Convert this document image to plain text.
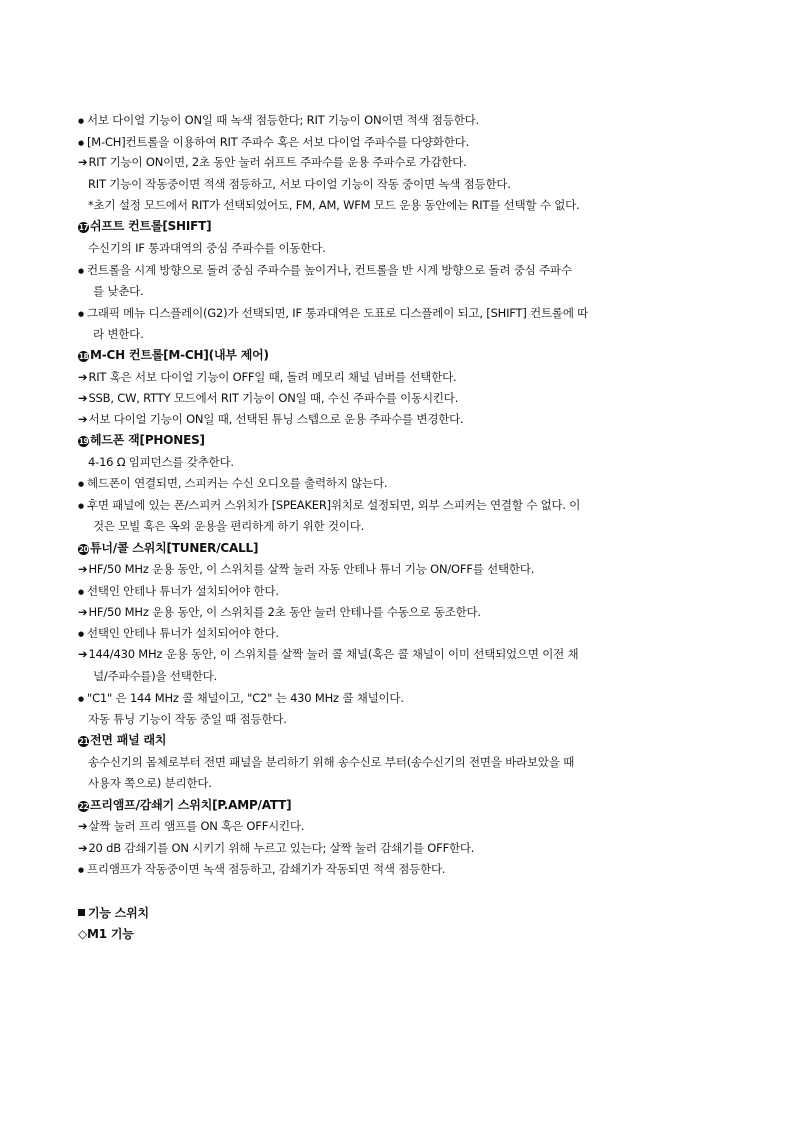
● 서보 다이얼 기능이 ON일 때 녹색 점등한다; RIT 기능이 ON이면 적색 점등한다.
● [M-CH]컨트롤을 이용하여 RIT 주파수 혹은 서보 다이얼 주파수를 다양화한다.
➔RIT 기능이 ON이면, 2초 동안 눌러 쉬프트 주파수를 운용 주파수로 가감한다.
RIT 기능이 작동중이면 적색 점등하고, 서보 다이얼 기능이 작동 중이면 녹색 점등한다.
*초기 설정 모드에서 RIT가 선택되었어도, FM, AM, WFM 모드 운용 동안에는 RIT를 선택할 수 없다.
17 쉬프트 컨트롤[SHIFT]
수신기의 IF 통과대역의 중심 주파수를 이동한다.
● 컨트롤을 시계 방향으로 돌려 중심 주파수를 높이거나, 컨트롤을 반 시계 방향으로 돌려 중심 주파수
를 낮춘다.
● 그래픽 메뉴 디스플레이(G2)가 선택되면, IF 통과대역은 도표로 디스플레이 되고, [SHIFT] 컨트롤에 따
라 변한다.
18 M-CH 컨트롤[M-CH](내부 제어)
➔RIT 혹은 서보 다이얼 기능이 OFF일 때, 돌려 메모리 채널 넘버를 선택한다.
➔SSB, CW, RTTY 모드에서 RIT 기능이 ON일 때, 수신 주파수를 이동시킨다.
➔서보 다이얼 기능이 ON일 때, 선택된 튜닝 스텝으로 운용 주파수를 변경한다.
19 헤드폰 잭[PHONES]
4-16 Ω 임피던스를 갖추한다.
● 헤드폰이 연결되면, 스피커는 수신 오디오를 출력하지 않는다.
● 후면 패널에 있는 폰/스피커 스위치가 [SPEAKER]위치로 설정되면, 외부 스피커는 연결할 수 없다. 이
것은 모빌 혹은 옥외 운용을 편리하게 하기 위한 것이다.
20 튜너/콜 스위치[TUNER/CALL]
➔HF/50 MHz 운용 동안, 이 스위치를 살짝 눌러 자동 안테나 튜너 기능 ON/OFF를 선택한다.
● 선택인 안테나 튜너가 설치되어야 한다.
➔HF/50 MHz 운용 동안, 이 스위치를 2초 동안 눌러 안테나를 수동으로 동조한다.
● 선택인 안테나 튜너가 설치되어야 한다.
➔144/430 MHz 운용 동안, 이 스위치를 살짝 눌러 콜 채널(혹은 콜 채널이 이미 선택되었으면 이전 채
널/주파수를)을 선택한다.
● "C1" 은 144 MHz 콜 채널이고, "C2" 는 430 MHz 콜 채널이다.
자동 튜닝 기능이 작동 중일 때 점등한다.
21 전면 패널 래치
송수신기의 몸체로부터 전면 패널을 분리하기 위해 송수신로 부터(송수신기의 전면을 바라보았을 때
사용자 쪽으로) 분리한다.
22 프리앰프/감쇄기 스위치[P.AMP/ATT]
➔살짝 눌러 프리 앰프를 ON 혹은 OFF시킨다.
➔20 dB 감쇄기를 ON 시키기 위해 누르고 있는다; 살짝 눌러 감쇄기를 OFF한다.
● 프리앰프가 작동중이면 녹색 점등하고, 감쇄기가 작동되면 적색 점등한다.
기능 스위치
◇M1 기능
